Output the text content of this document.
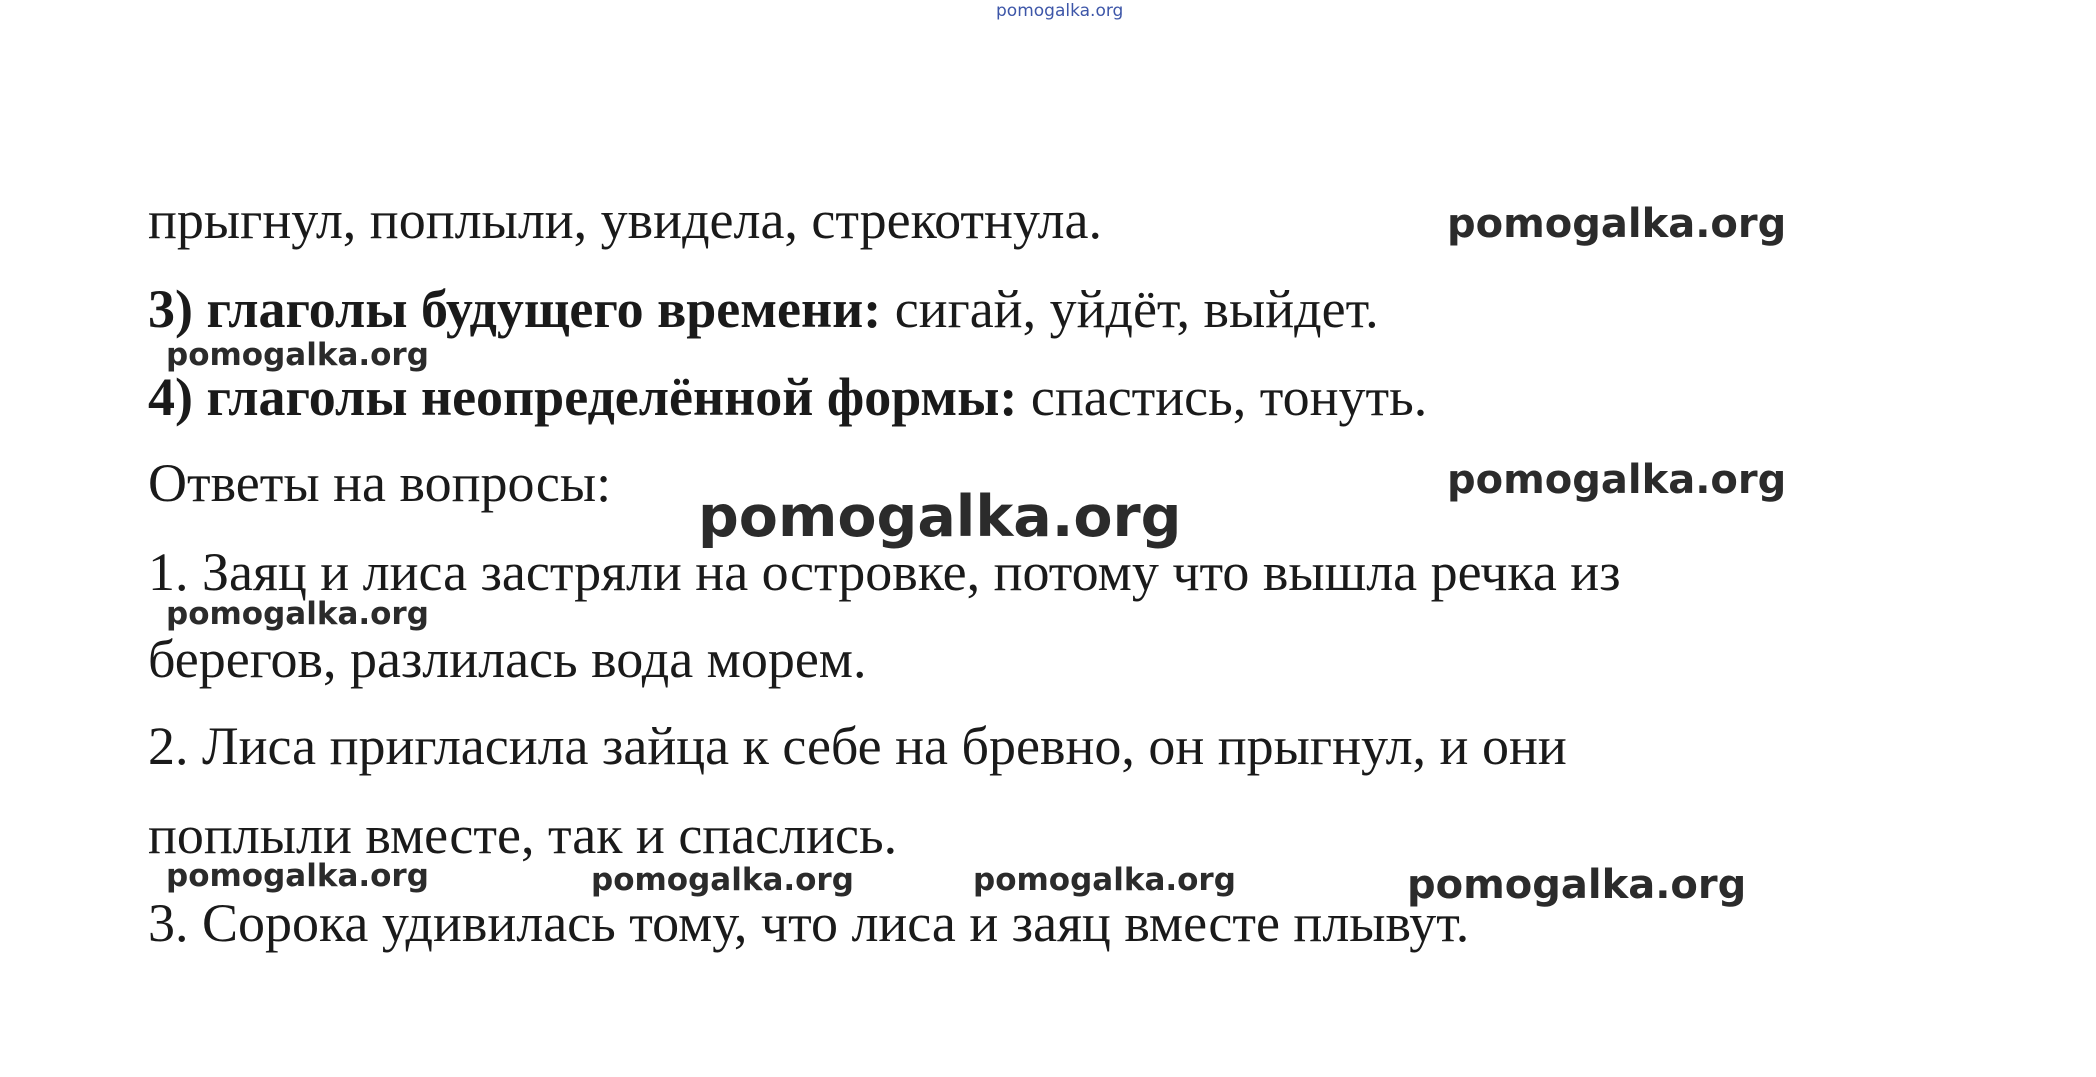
pomogalka.org
прыгнул, поплыли, увидела, стрекотнула.
3) глаголы будущего времени: сигай, уйдёт, выйдет.
4) глаголы неопределённой формы: спастись, тонуть.
Ответы на вопросы:
1. Заяц и лиса застряли на островке, потому что вышла речка из
берегов, разлилась вода морем.
2. Лиса пригласила зайца к себе на бревно, он прыгнул, и они
поплыли вместе, так и спаслись.
3. Сорока удивилась тому, что лиса и заяц вместе плывут.
pomogalka.org
pomogalka.org
pomogalka.org
pomogalka.org
pomogalka.org
pomogalka.org	pomogalka.org	pomogalka.org	pomogalka.org
